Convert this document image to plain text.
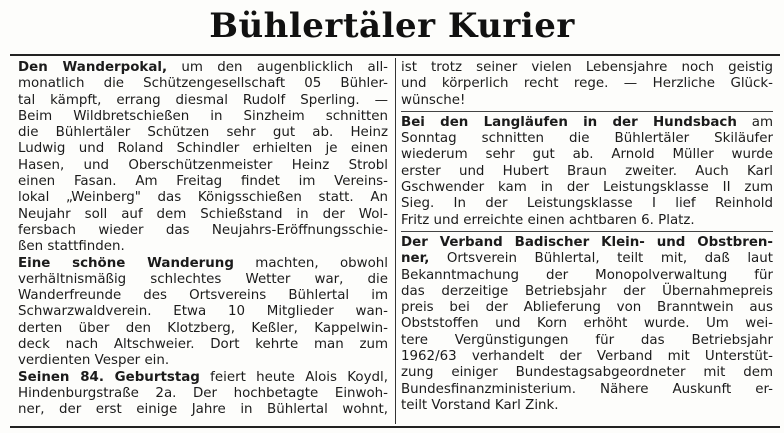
Bühlertäler Kurier
Den Wanderpokal, um den augenblicklich all-
monatlich die Schützengesellschaft 05 Bühler-
tal kämpft, errang diesmal Rudolf Sperling. —
Beim Wildbretschießen in Sinzheim schnitten
die Bühlertäler Schützen sehr gut ab. Heinz
Ludwig und Roland Schindler erhielten je einen
Hasen, und Oberschützenmeister Heinz Strobl
einen Fasan. Am Freitag findet im Vereins-
lokal „Weinberg" das Königsschießen statt. An
Neujahr soll auf dem Schießstand in der Wol-
fersbach wieder das Neujahrs-Eröffnungsschie-
ßen stattfinden.
Eine schöne Wanderung machten, obwohl
verhältnismäßig schlechtes Wetter war, die
Wanderfreunde des Ortsvereins Bühlertal im
Schwarzwaldverein. Etwa 10 Mitglieder wan-
derten über den Klotzberg, Keßler, Kappelwin-
deck nach Altschweier. Dort kehrte man zum
verdienten Vesper ein.
Seinen 84. Geburtstag feiert heute Alois Koydl,
Hindenburgstraße 2a. Der hochbetagte Einwoh-
ner, der erst einige Jahre in Bühlertal wohnt,
ist trotz seiner vielen Lebensjahre noch geistig
und körperlich recht rege. — Herzliche Glück-
wünsche!
Bei den Langläufen in der Hundsbach am
Sonntag schnitten die Bühlertäler Skiläufer
wiederum sehr gut ab. Arnold Müller wurde
erster und Hubert Braun zweiter. Auch Karl
Gschwender kam in der Leistungsklasse II zum
Sieg. In der Leistungsklasse I lief Reinhold
Fritz und erreichte einen achtbaren 6. Platz.
Der Verband Badischer Klein- und Obstbren-
ner, Ortsverein Bühlertal, teilt mit, daß laut
Bekanntmachung der Monopolverwaltung für
das derzeitige Betriebsjahr der Übernahmepreis
preis bei der Ablieferung von Branntwein aus
Obststoffen und Korn erhöht wurde. Um wei-
tere Vergünstigungen für das Betriebsjahr
1962/63 verhandelt der Verband mit Unterstüt-
zung einiger Bundestagsabgeordneter mit dem
Bundesfinanzministerium. Nähere Auskunft er-
teilt Vorstand Karl Zink.
